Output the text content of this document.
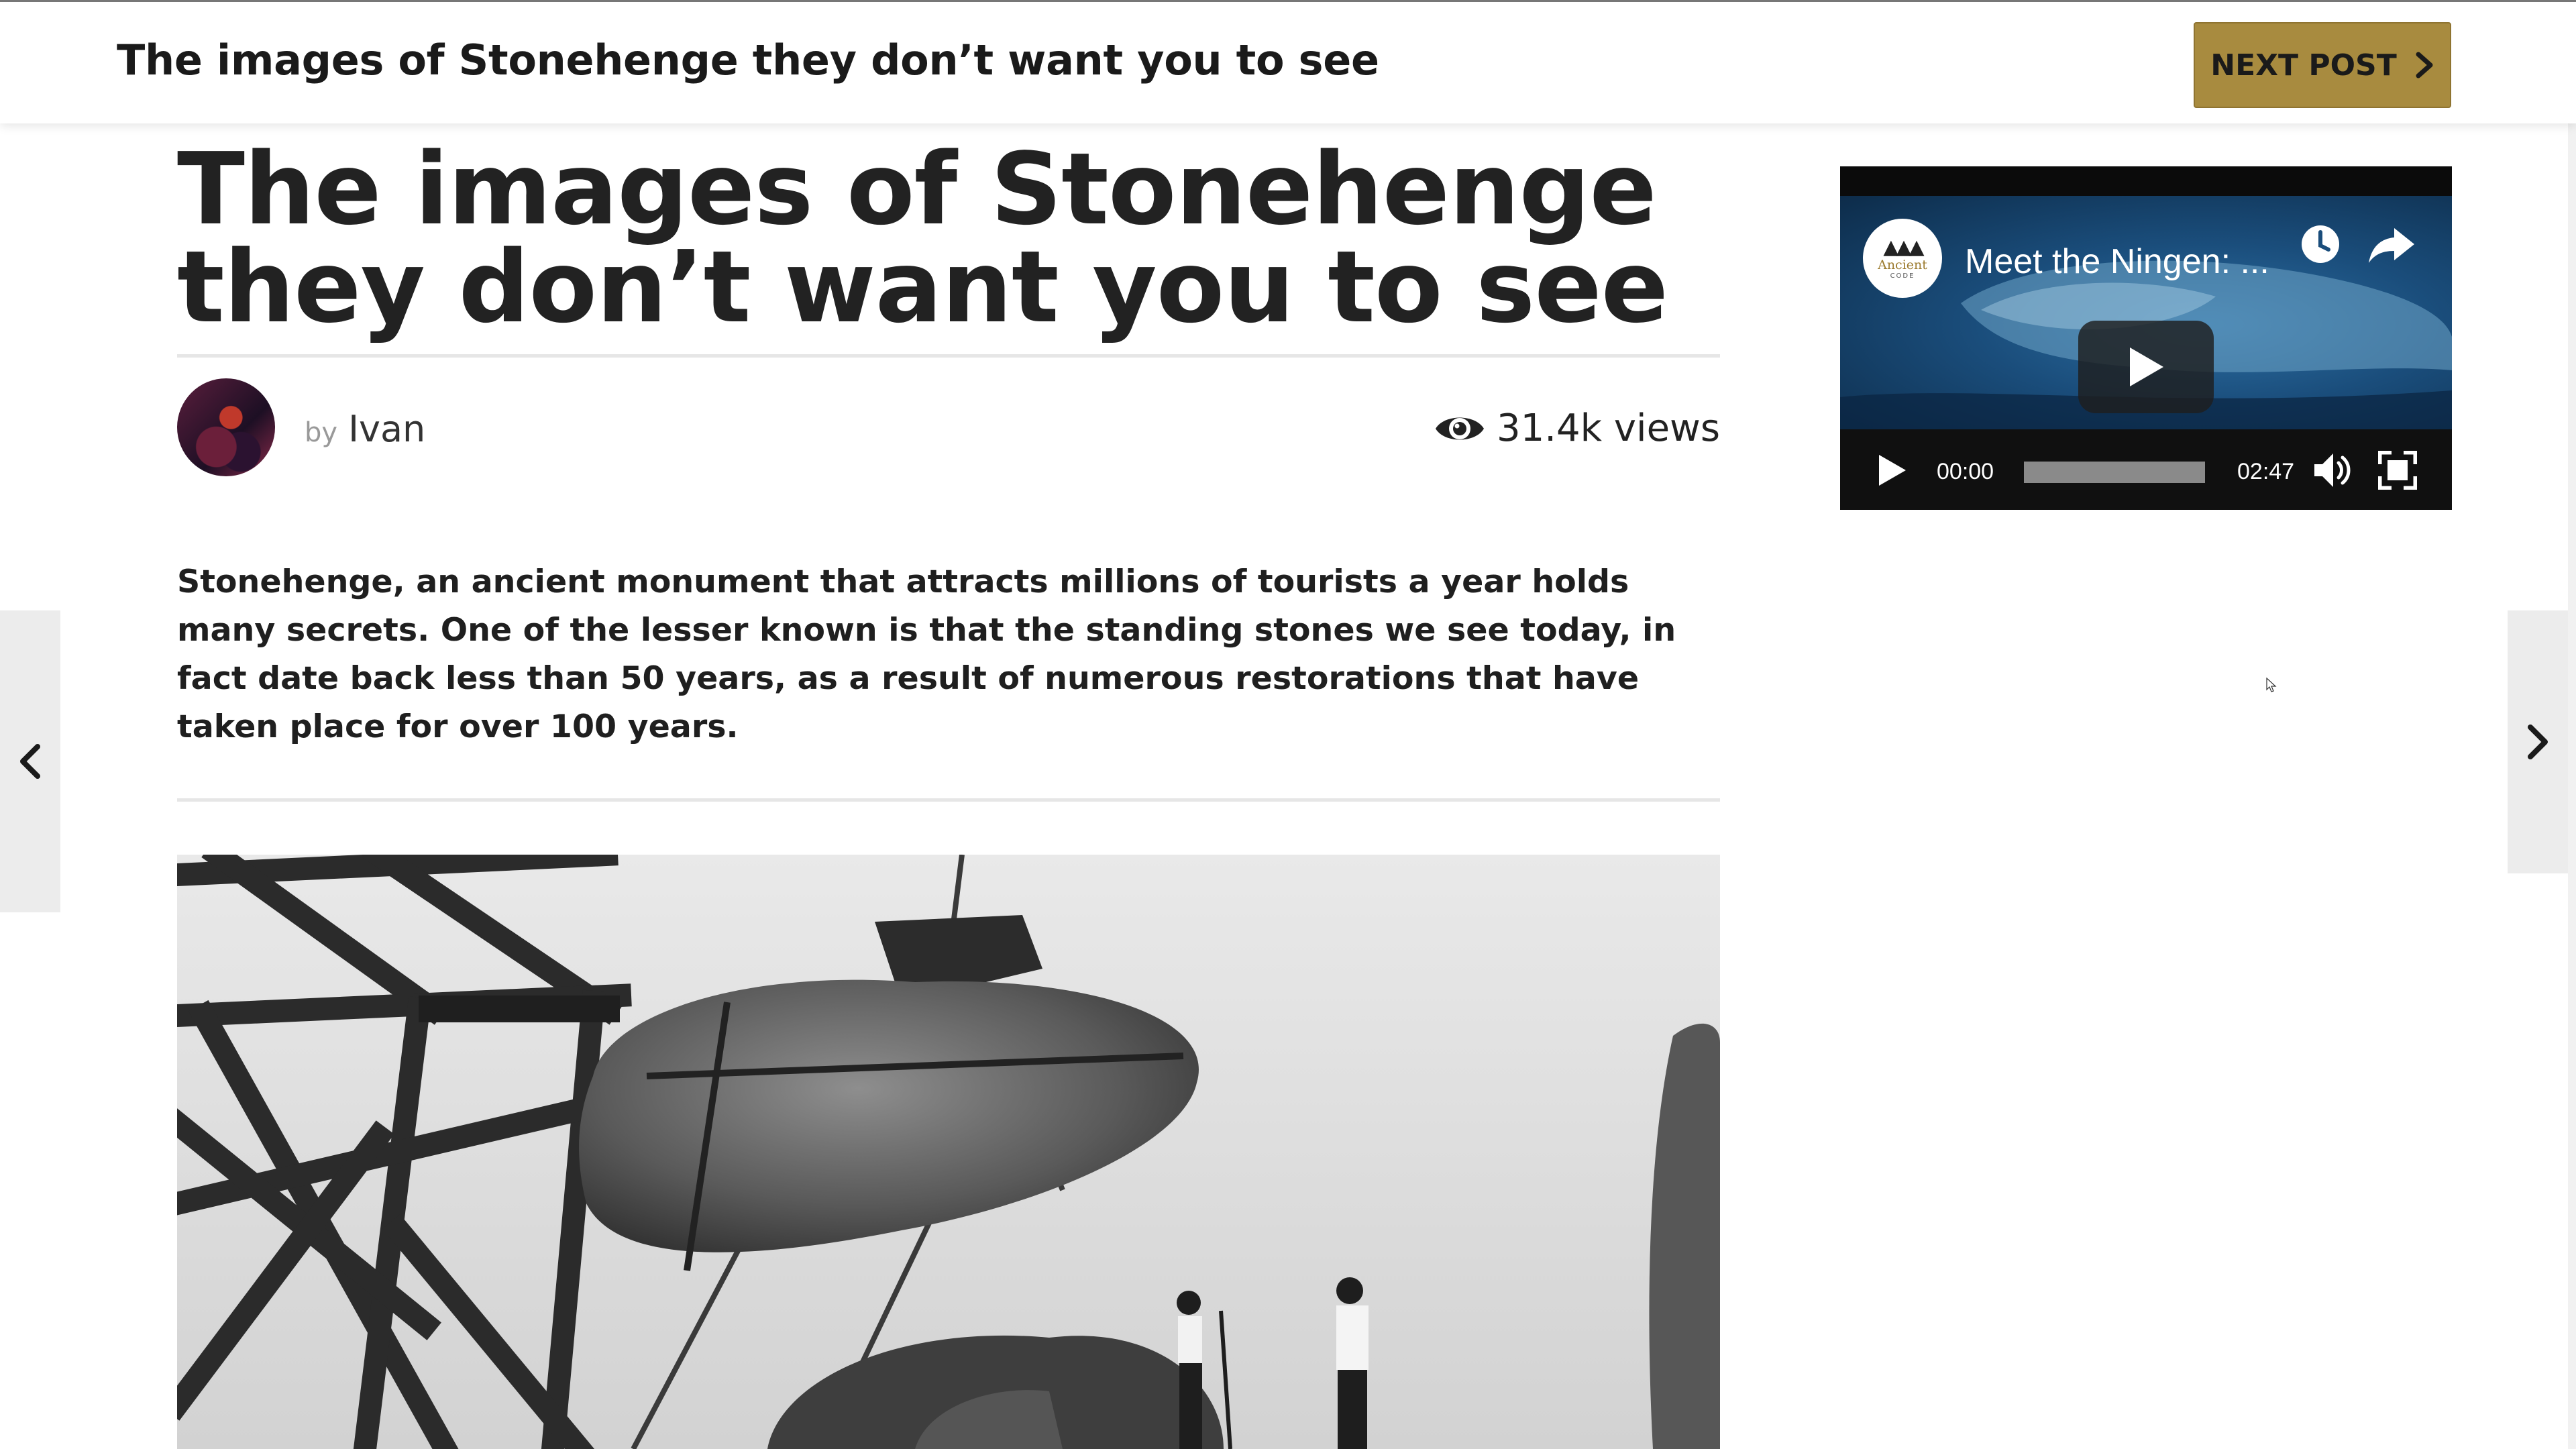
The images of Stonehenge they don’t want you to see	NEXT POST
The images of Stonehenge they don’t want you to see
by Ivan	31.4k views

Stonehenge, an ancient monument that attracts millions of tourists a year holds many secrets. One of the lesser known is that the standing stones we see today, in fact date back less than 50 years, as a result of numerous restorations that have taken place for over 100 years.

▲▲▲
Ancient
CODE Meet the Ningen: ...
00:00	02:47
